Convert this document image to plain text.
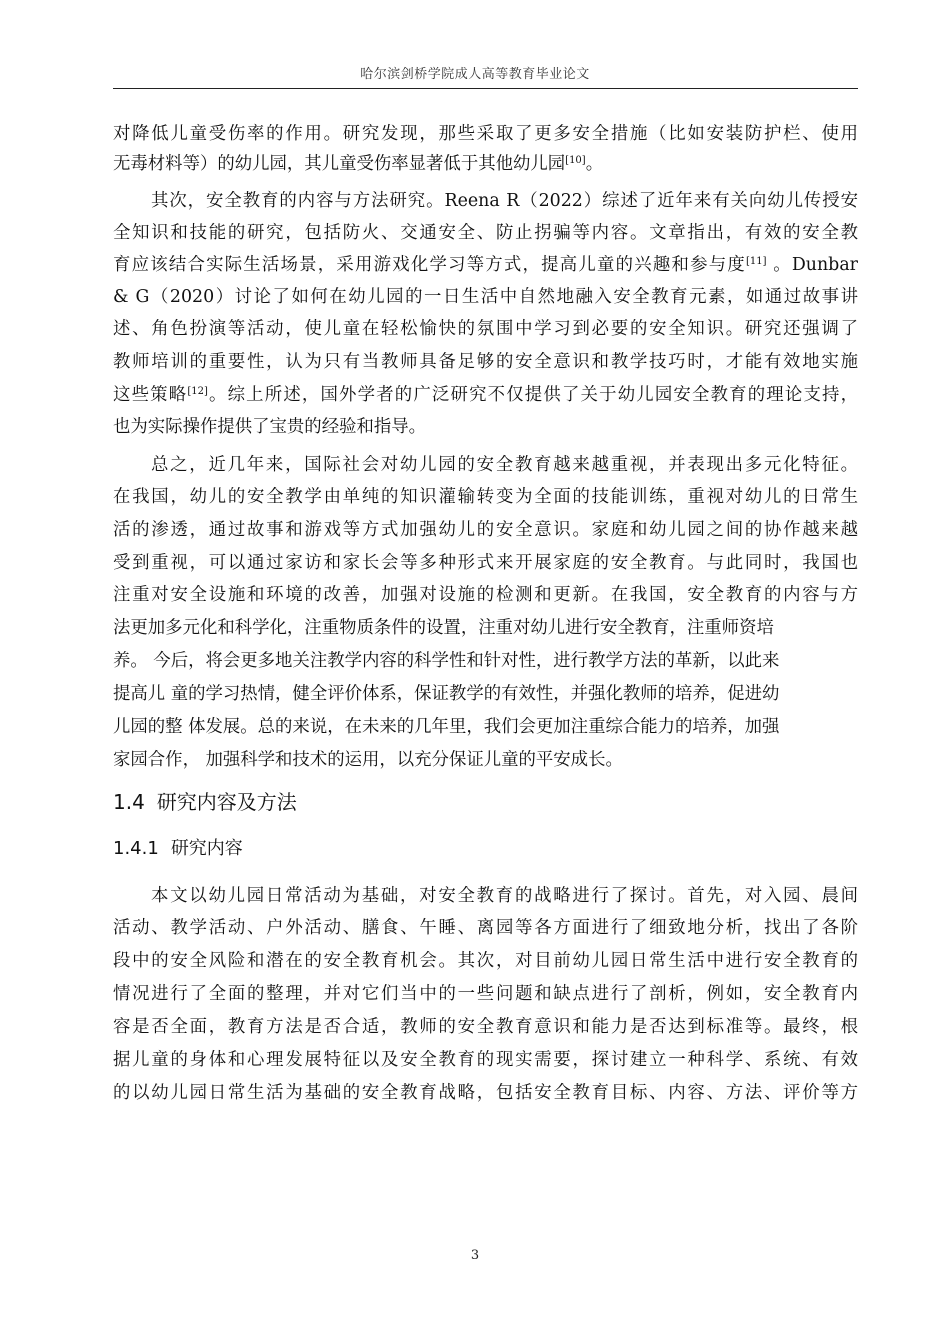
哈尔滨剑桥学院成人高等教育毕业论文
对降低儿童受伤率的作用。研究发现，那些采取了更多安全措施（比如安装防护栏、使用
无毒材料等）的幼儿园，其儿童受伤率显著低于其他幼儿园[10]。
其次，安全教育的内容与方法研究。Reena R（2022）综述了近年来有关向幼儿传授安
全知识和技能的研究，包括防火、交通安全、防止拐骗等内容。文章指出，有效的安全教
育应该结合实际生活场景，采用游戏化学习等方式，提高儿童的兴趣和参与度[11] 。Dunbar
& G（2020）讨论了如何在幼儿园的一日生活中自然地融入安全教育元素，如通过故事讲
述、角色扮演等活动，使儿童在轻松愉快的氛围中学习到必要的安全知识。研究还强调了
教师培训的重要性，认为只有当教师具备足够的安全意识和教学技巧时，才能有效地实施
这些策略[12]。综上所述，国外学者的广泛研究不仅提供了关于幼儿园安全教育的理论支持，
也为实际操作提供了宝贵的经验和指导。
总之，近几年来，国际社会对幼儿园的安全教育越来越重视，并表现出多元化特征。
在我国，幼儿的安全教学由单纯的知识灌输转变为全面的技能训练，重视对幼儿的日常生
活的渗透，通过故事和游戏等方式加强幼儿的安全意识。家庭和幼儿园之间的协作越来越
受到重视，可以通过家访和家长会等多种形式来开展家庭的安全教育。与此同时，我国也
注重对安全设施和环境的改善，加强对设施的检测和更新。在我国，安全教育的内容与方
法更加多元化和科学化，注重物质条件的设置，注重对幼儿进行安全教育，注重师资培
养。 今后，将会更多地关注教学内容的科学性和针对性，进行教学方法的革新，以此来
提高儿 童的学习热情，健全评价体系，保证教学的有效性，并强化教师的培养，促进幼
儿园的整 体发展。总的来说，在未来的几年里，我们会更加注重综合能力的培养，加强
家园合作， 加强科学和技术的运用，以充分保证儿童的平安成长。
1.4 研究内容及方法
1.4.1 研究内容
本文以幼儿园日常活动为基础，对安全教育的战略进行了探讨。首先，对入园、晨间
活动、教学活动、户外活动、膳食、午睡、离园等各方面进行了细致地分析，找出了各阶
段中的安全风险和潜在的安全教育机会。其次，对目前幼儿园日常生活中进行安全教育的
情况进行了全面的整理，并对它们当中的一些问题和缺点进行了剖析，例如，安全教育内
容是否全面，教育方法是否合适，教师的安全教育意识和能力是否达到标准等。最终，根
据儿童的身体和心理发展特征以及安全教育的现实需要，探讨建立一种科学、系统、有效
的以幼儿园日常生活为基础的安全教育战略，包括安全教育目标、内容、方法、评价等方
3
